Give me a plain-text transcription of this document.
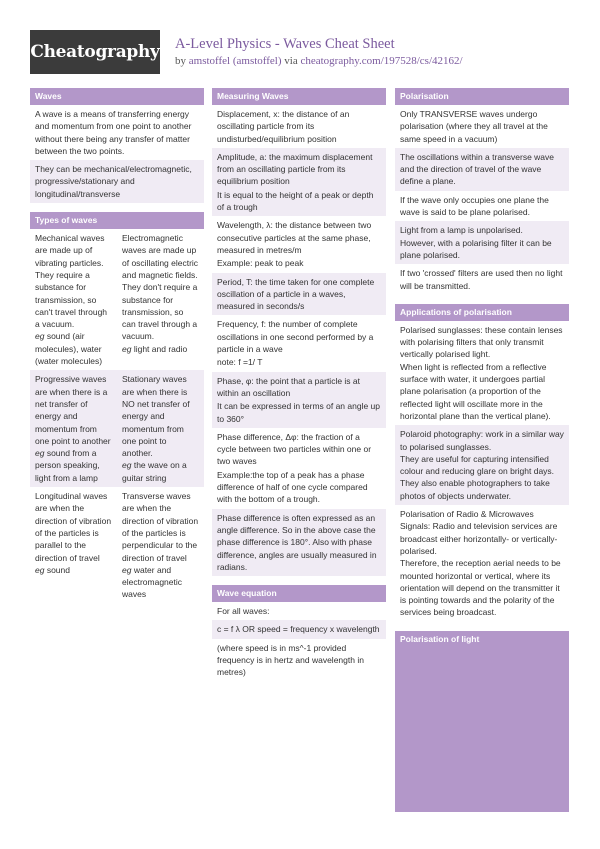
Cheatography A-Level Physics - Waves Cheat Sheet
by amstoffel (amstoffel) via cheatography.com/197528/cs/42162/
Waves
A wave is a means of transferring energy and momentum from one point to another without there being any transfer of matter between the two points.
They can be mechanical/electromagnetic, progressive/stationary and longitudinal/transverse
Types of waves
Mechanical waves are made up of vibrating particles. They require a substance for transmission, so can't travel through a vacuum.
eg sound (air molecules), water (water molecules)
Electromagnetic waves are made up of oscillating electric and magnetic fields. They don't require a substance for transmission, so can travel through a vacuum.
eg light and radio
Progressive waves are when there is a net transfer of energy and momentum from one point to another
eg sound from a person speaking, light from a lamp
Stationary waves are when there is NO net transfer of energy and momentum from one point to another.
eg the wave on a guitar string
Longitudinal waves are when the direction of vibration of the particles is parallel to the direction of travel
eg sound
Transverse waves are when the direction of vibration of the particles is perpendicular to the direction of travel
eg water and electromagnetic waves
Measuring Waves
Displacement, x: the distance of an oscillating particle from its undisturbed/equilibrium position
Amplitude, a: the maximum displacement from an oscillating particle from its equilibrium position
It is equal to the height of a peak or depth of a trough
Wavelength, λ: the distance between two consecutive particles at the same phase, measured in metres/m
Example: peak to peak
Period, T: the time taken for one complete oscillation of a particle in a waves, measured in seconds/s
Frequency, f: the number of complete oscillations in one second performed by a particle in a wave
note: f =1/ T
Phase, φ: the point that a particle is at within an oscillation
It can be expressed in terms of an angle up to 360°
Phase difference, Δφ: the fraction of a cycle between two particles within one or two waves
Example:the top of a peak has a phase difference of half of one cycle compared with the bottom of a trough.
Phase difference is often expressed as an angle difference. So in the above case the phase difference is 180°. Also with phase difference, angles are usually measured in radians.
Wave equation
For all waves:
c = f λ OR speed = frequency x wavelength
(where speed is in ms^-1 provided frequency is in hertz and wavelength in metres)
Polarisation
Only TRANSVERSE waves undergo polarisation (where they all travel at the same speed in a vacuum)
The oscillations within a transverse wave and the direction of travel of the wave define a plane.
If the wave only occupies one plane the wave is said to be plane polarised.
Light from a lamp is unpolarised.
However, with a polarising filter it can be plane polarised.
If two 'crossed' filters are used then no light will be transmitted.
Applications of polarisation
Polarised sunglasses: these contain lenses with polarising filters that only transmit vertically polarised light.
When light is reflected from a reflective surface with water, it undergoes partial plane polarisation (a proportion of the reflected light will oscillate more in the horizontal plane than the vertical plane).
Polaroid photography: work in a similar way to polarised sunglasses.
They are useful for capturing intensified colour and reducing glare on bright days. They also enable photographers to take photos of objects underwater.
Polarisation of Radio & Microwaves Signals: Radio and television services are broadcast either horizontally- or vertically-polarised.
Therefore, the reception aerial needs to be mounted horizontal or vertical, where its orientation will depend on the transmitter it is pointing towards and the polarity of the services being broadcast.
Polarisation of light
